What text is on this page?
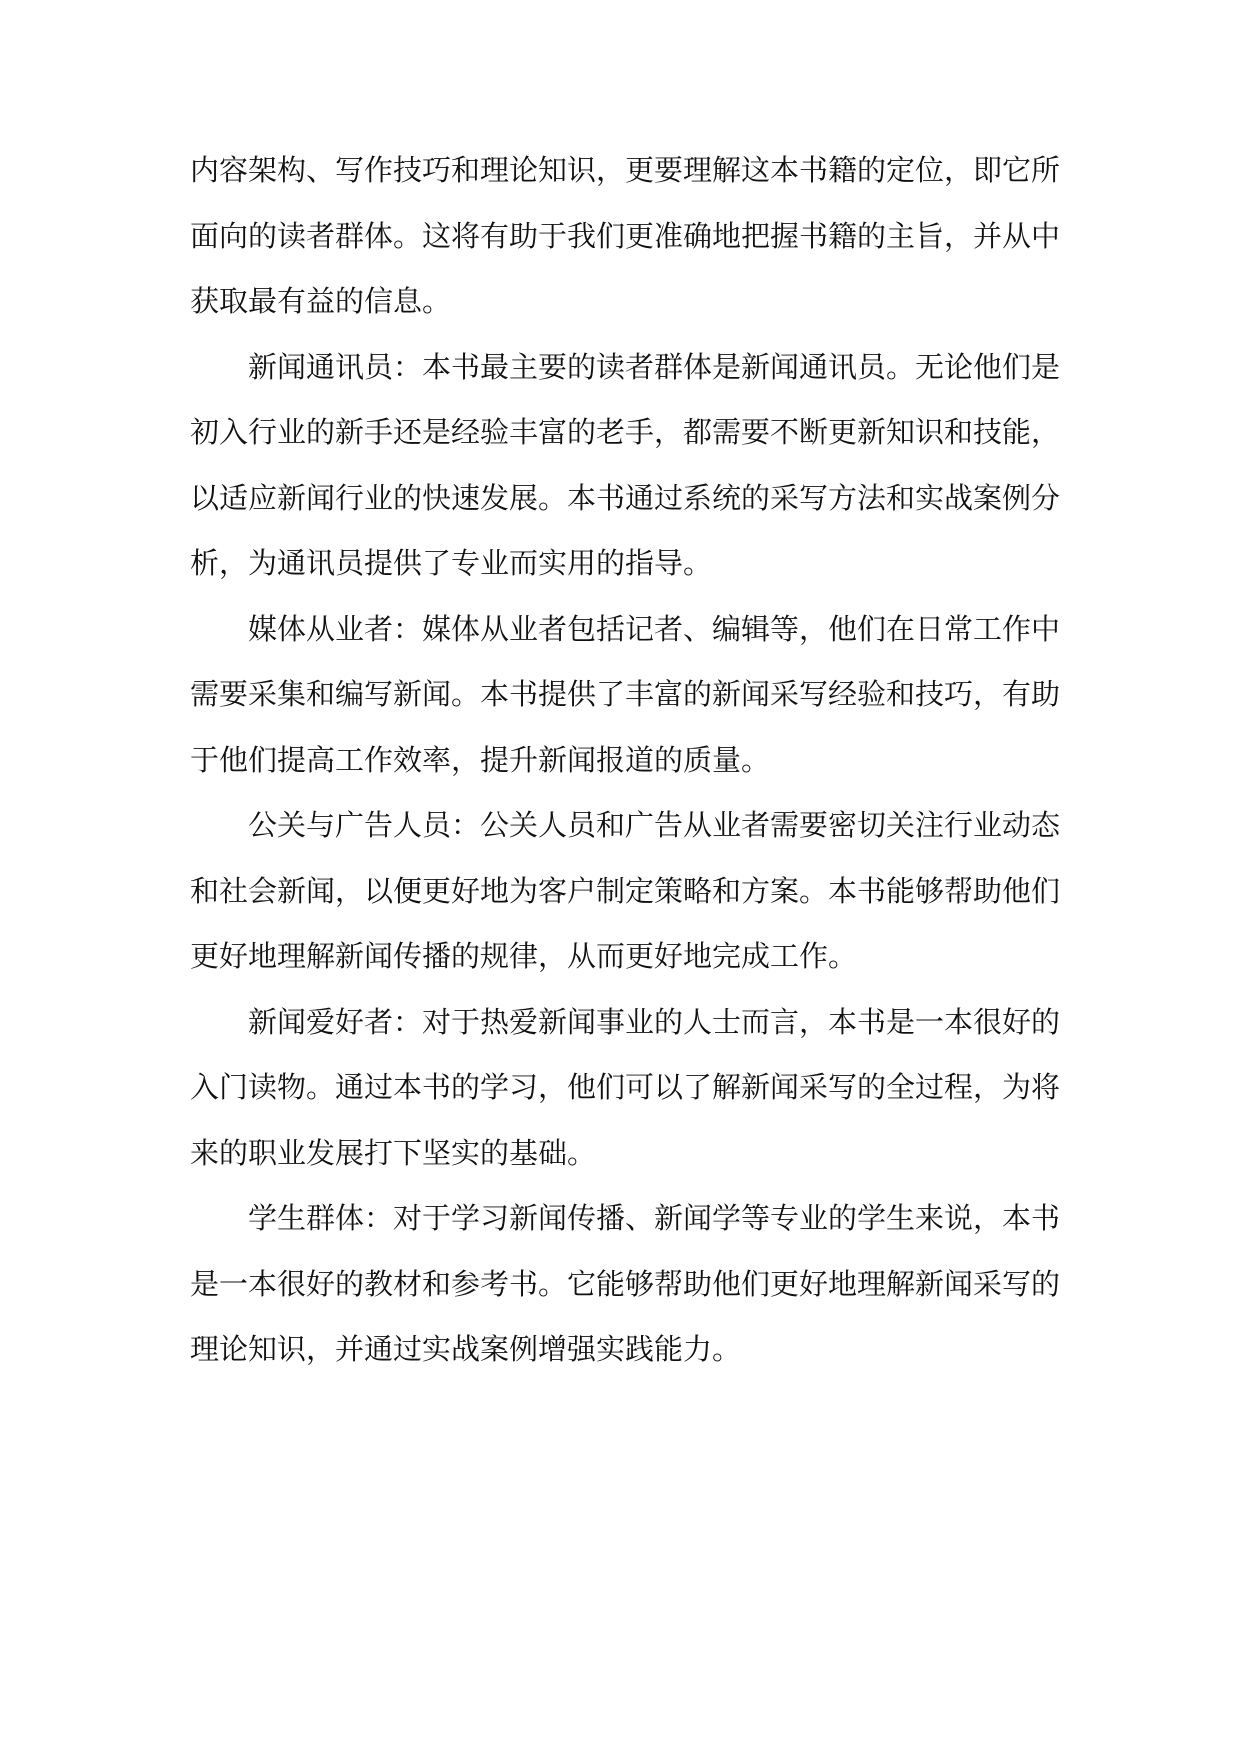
内容架构、写作技巧和理论知识，更要理解这本书籍的定位，即它所
面向的读者群体。这将有助于我们更准确地把握书籍的主旨，并从中
获取最有益的信息。
新闻通讯员：本书最主要的读者群体是新闻通讯员。无论他们是
初入行业的新手还是经验丰富的老手，都需要不断更新知识和技能，
以适应新闻行业的快速发展。本书通过系统的采写方法和实战案例分
析，为通讯员提供了专业而实用的指导。
媒体从业者：媒体从业者包括记者、编辑等，他们在日常工作中
需要采集和编写新闻。本书提供了丰富的新闻采写经验和技巧，有助
于他们提高工作效率，提升新闻报道的质量。
公关与广告人员：公关人员和广告从业者需要密切关注行业动态
和社会新闻，以便更好地为客户制定策略和方案。本书能够帮助他们
更好地理解新闻传播的规律，从而更好地完成工作。
新闻爱好者：对于热爱新闻事业的人士而言，本书是一本很好的
入门读物。通过本书的学习，他们可以了解新闻采写的全过程，为将
来的职业发展打下坚实的基础。
学生群体：对于学习新闻传播、新闻学等专业的学生来说，本书
是一本很好的教材和参考书。它能够帮助他们更好地理解新闻采写的
理论知识，并通过实战案例增强实践能力。
